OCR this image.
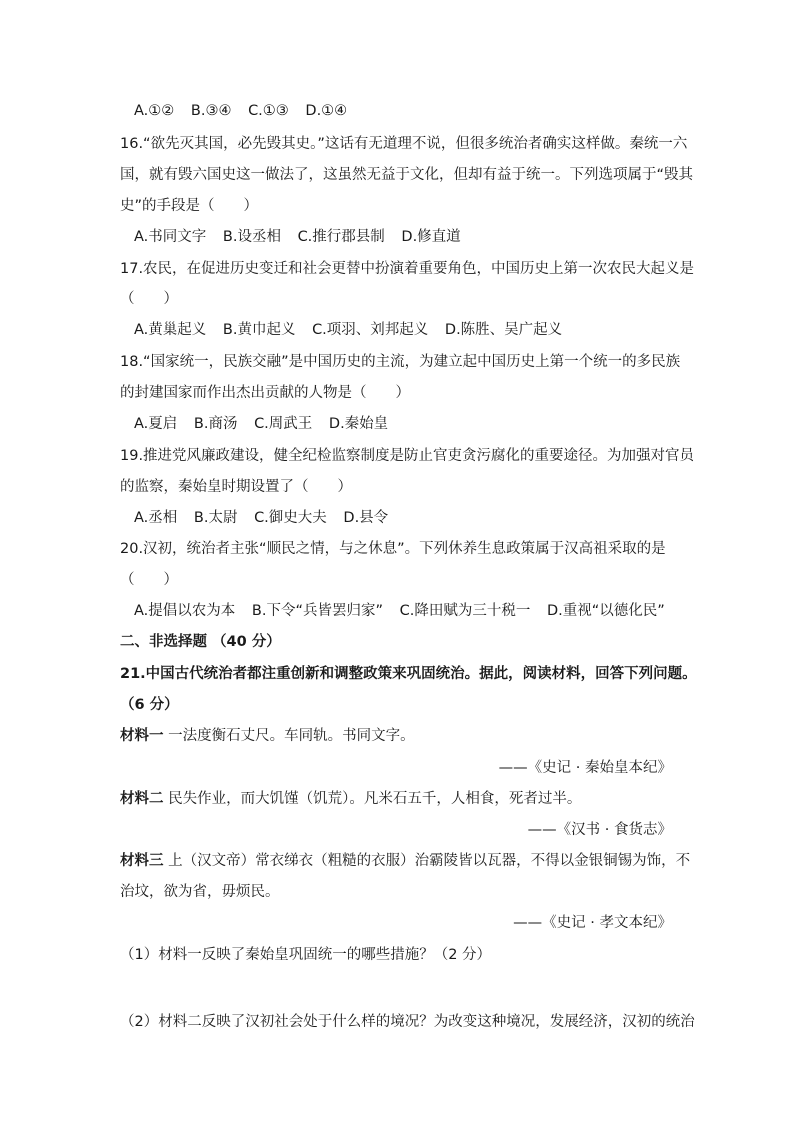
A.①② B.③④ C.①③ D.①④
16.“欲先灭其国，必先毁其史。”这话有无道理不说，但很多统治者确实这样做。秦统一六
国，就有毁六国史这一做法了，这虽然无益于文化，但却有益于统一。下列选项属于“毁其
史”的手段是（　　）
A.书同文字 B.设丞相 C.推行郡县制 D.修直道
17.农民，在促进历史变迁和社会更替中扮演着重要角色，中国历史上第一次农民大起义是
（　　）
A.黄巢起义 B.黄巾起义 C.项羽、刘邦起义 D.陈胜、吴广起义
18.“国家统一，民族交融”是中国历史的主流，为建立起中国历史上第一个统一的多民族
的封建国家而作出杰出贡献的人物是（　　）
A.夏启 B.商汤 C.周武王 D.秦始皇
19.推进党风廉政建设，健全纪检监察制度是防止官吏贪污腐化的重要途径。为加强对官员
的监察，秦始皇时期设置了（　　）
A.丞相 B.太尉 C.御史大夫 D.县令
20.汉初，统治者主张“顺民之情，与之休息”。下列休养生息政策属于汉高祖采取的是
（　　）
A.提倡以农为本 B.下令“兵皆罢归家” C.降田赋为三十税一 D.重视“以德化民”
二、非选择题 （40 分）
21.中国古代统治者都注重创新和调整政策来巩固统治。据此，阅读材料，回答下列问题。
（6 分）
材料一 一法度衡石丈尺。车同轨。书同文字。
——《史记 · 秦始皇本纪》
材料二 民失作业，而大饥馑（饥荒）。凡米石五千，人相食，死者过半。
——《汉书 · 食货志》
材料三 上（汉文帝）常衣绨衣（粗糙的衣服）治霸陵皆以瓦器，不得以金银铜锡为饰，不
治坟，欲为省，毋烦民。
——《史记 · 孝文本纪》
（1）材料一反映了秦始皇巩固统一的哪些措施？（2 分）
（2）材料二反映了汉初社会处于什么样的境况？为改变这种境况，发展经济，汉初的统治
